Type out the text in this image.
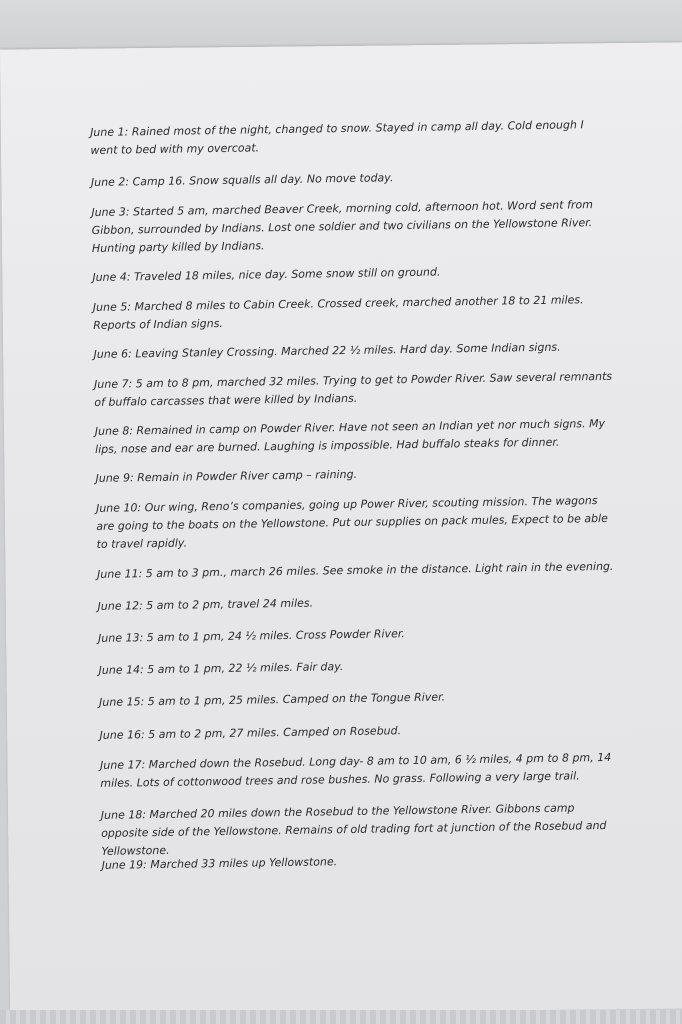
June 1: Rained most of the night, changed to snow. Stayed in camp all day. Cold enough I went to bed with my overcoat.

June 2: Camp 16. Snow squalls all day. No move today.

June 3: Started 5 am, marched Beaver Creek, morning cold, afternoon hot. Word sent from Gibbon, surrounded by Indians. Lost one soldier and two civilians on the Yellowstone River. Hunting party killed by Indians.

June 4: Traveled 18 miles, nice day. Some snow still on ground.

June 5: Marched 8 miles to Cabin Creek. Crossed creek, marched another 18 to 21 miles. Reports of Indian signs.

June 6: Leaving Stanley Crossing. Marched 22 ½ miles. Hard day. Some Indian signs.

June 7: 5 am to 8 pm, marched 32 miles. Trying to get to Powder River. Saw several remnants of buffalo carcasses that were killed by Indians.

June 8: Remained in camp on Powder River. Have not seen an Indian yet nor much signs. My lips, nose and ear are burned. Laughing is impossible. Had buffalo steaks for dinner.

June 9: Remain in Powder River camp – raining.

June 10: Our wing, Reno’s companies, going up Power River, scouting mission. The wagons are going to the boats on the Yellowstone. Put our supplies on pack mules, Expect to be able to travel rapidly.

June 11: 5 am to 3 pm., march 26 miles. See smoke in the distance. Light rain in the evening.

June 12: 5 am to 2 pm, travel 24 miles.

June 13: 5 am to 1 pm, 24 ½ miles. Cross Powder River.

June 14: 5 am to 1 pm, 22 ½ miles. Fair day.

June 15: 5 am to 1 pm, 25 miles. Camped on the Tongue River.

June 16: 5 am to 2 pm, 27 miles. Camped on Rosebud.

June 17: Marched down the Rosebud. Long day- 8 am to 10 am, 6 ½ miles, 4 pm to 8 pm, 14 miles. Lots of cottonwood trees and rose bushes. No grass. Following a very large trail.

June 18: Marched 20 miles down the Rosebud to the Yellowstone River. Gibbons camp opposite side of the Yellowstone. Remains of old trading fort at junction of the Rosebud and Yellowstone.

June 19: Marched 33 miles up Yellowstone.
